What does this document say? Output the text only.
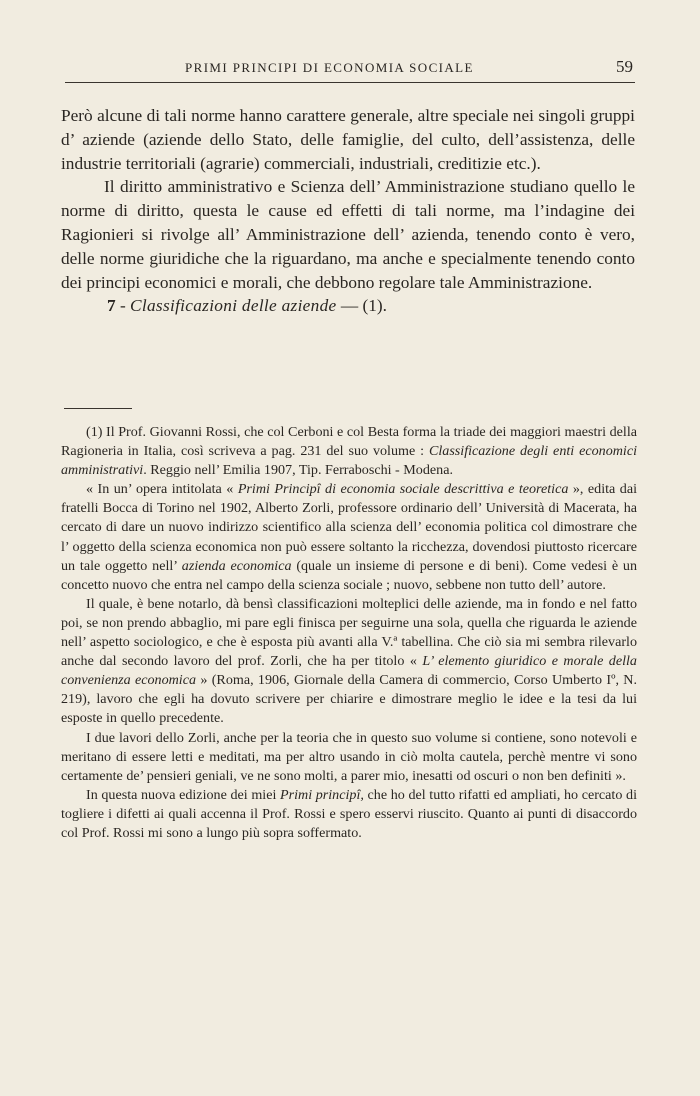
PRIMI PRINCIPI DI ECONOMIA SOCIALE	59

Però alcune di tali norme hanno carattere generale, altre speciale nei singoli gruppi d’ aziende (aziende dello Stato, delle famiglie, del culto, dell’assistenza, delle industrie territoriali (agrarie) commerciali, industriali, creditizie etc.).

Il diritto amministrativo e Scienza dell’ Amministrazione studiano quello le norme di diritto, questa le cause ed effetti di tali norme, ma l’indagine dei Ragionieri si rivolge all’ Amministrazione dell’ azienda, tenendo conto è vero, delle norme giuridiche che la riguardano, ma anche e specialmente tenendo conto dei principi economici e morali, che debbono regolare tale Amministrazione.

7 - Classificazioni delle aziende — (1).

(1) Il Prof. Giovanni Rossi, che col Cerboni e col Besta forma la triade dei maggiori maestri della Ragioneria in Italia, così scriveva a pag. 231 del suo volume : Classificazione degli enti economici amministrativi. Reggio nell’ Emilia 1907, Tip. Ferraboschi - Modena.

« In un’ opera intitolata « Primi Principî di economia sociale descrittiva e teoretica », edita dai fratelli Bocca di Torino nel 1902, Alberto Zorli, professore ordinario dell’ Università di Macerata, ha cercato di dare un nuovo indirizzo scientifico alla scienza dell’ economia politica col dimostrare che l’ oggetto della scienza economica non può essere soltanto la ricchezza, dovendosi piuttosto ricercare un tale oggetto nell’ azienda economica (quale un insieme di persone e di beni). Come vedesi è un concetto nuovo che entra nel campo della scienza sociale ; nuovo, sebbene non tutto dell’ autore.

Il quale, è bene notarlo, dà bensì classificazioni molteplici delle aziende, ma in fondo e nel fatto poi, se non prendo abbaglio, mi pare egli finisca per seguirne una sola, quella che riguarda le aziende nell’ aspetto sociologico, e che è esposta più avanti alla V.ª tabellina. Che ciò sia mi sembra rilevarlo anche dal secondo lavoro del prof. Zorli, che ha per titolo « L’ elemento giuridico e morale della convenienza economica » (Roma, 1906, Giornale della Camera di commercio, Corso Umberto Iº, N. 219), lavoro che egli ha dovuto scrivere per chiarire e dimostrare meglio le idee e la tesi da lui esposte in quello precedente.

I due lavori dello Zorli, anche per la teoria che in questo suo volume si contiene, sono notevoli e meritano di essere letti e meditati, ma per altro usando in ciò molta cautela, perchè mentre vi sono certamente de’ pensieri geniali, ve ne sono molti, a parer mio, inesatti od oscuri o non ben definiti ».

In questa nuova edizione dei miei Primi principî, che ho del tutto rifatti ed ampliati, ho cercato di togliere i difetti ai quali accenna il Prof. Rossi e spero esservi riuscito. Quanto ai punti di disaccordo col Prof. Rossi mi sono a lungo più sopra soffermato.
